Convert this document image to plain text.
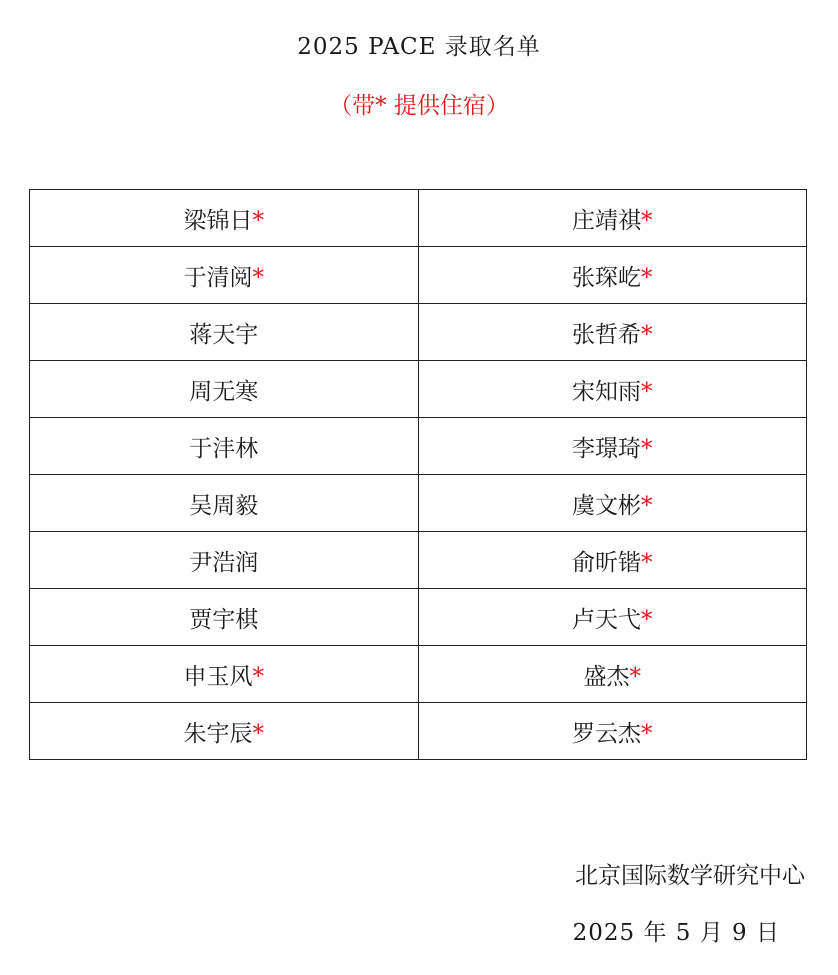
2025 PACE 录取名单
（带* 提供住宿）
梁锦日*	庄靖祺*
于清阅*	张琛屹*
蒋天宇	张哲希*
周无寒	宋知雨*
于沣林	李璟琦*
吴周毅	虞文彬*
尹浩润	俞昕锴*
贾宇棋	卢天弋*
申玉风*	盛杰*
朱宇辰*	罗云杰*
北京国际数学研究中心
2025 年 5 月 9 日
